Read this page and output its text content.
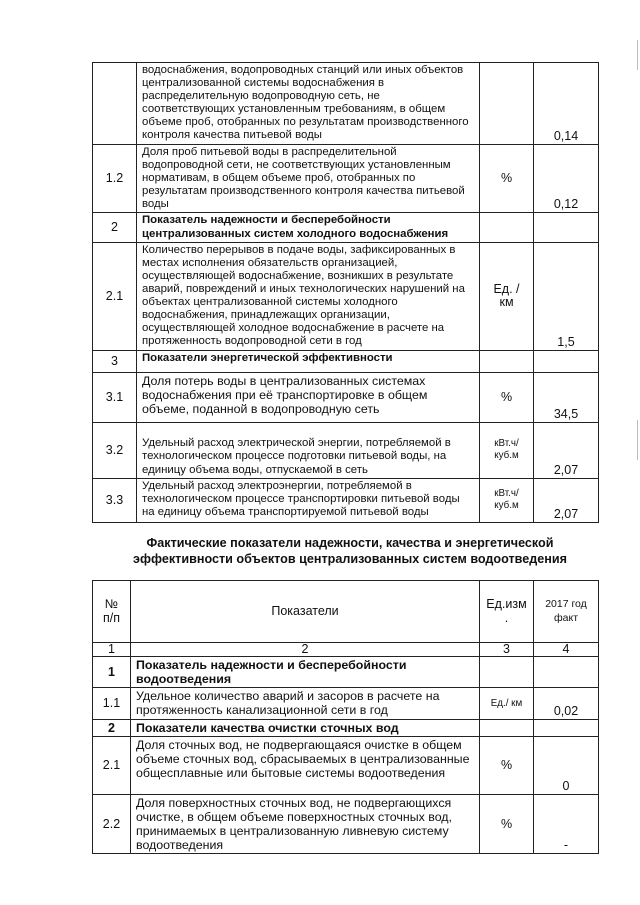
	водоснабжения, водопроводных станций или иных объектов централизованной системы водоснабжения в распределительную водопроводную сеть, не соответствующих установленным требованиям, в общем объеме проб, отобранных по результатам производственного контроля качества питьевой воды		0,14
1.2	Доля проб питьевой воды в распределительной водопроводной сети, не соответствующих установленным нормативам, в общем объеме проб, отобранных по результатам производственного контроля качества питьевой воды	%	0,12
2	Показатель надежности и бесперебойности централизованных систем холодного водоснабжения		
2.1	Количество перерывов в подаче воды, зафиксированных в местах исполнения обязательств организацией, осуществляющей водоснабжение, возникших в результате аварий, повреждений и иных технологических нарушений на объектах централизованной системы холодного водоснабжения, принадлежащих организации, осуществляющей холодное водоснабжение в расчете на протяженность водопроводной сети в год	Ед. / км	1,5
3	Показатели энергетической эффективности		
3.1	Доля потерь воды в централизованных системах водоснабжения при её транспортировке в общем объеме, поданной в водопроводную сеть	%	34,5
3.2	Удельный расход электрической энергии, потребляемой в технологическом процессе подготовки питьевой воды, на единицу объема воды, отпускаемой в сеть	кВт.ч/ куб.м	2,07
3.3	Удельный расход электроэнергии, потребляемой в технологическом процессе транспортировки питьевой воды на единицу объема транспортируемой питьевой воды	кВт.ч/ куб.м	2,07
Фактические показатели надежности, качества и энергетической
эффективности объектов централизованных систем водоотведения
№ п/п	Показатели	Ед.изм .	2017 год факт
1	2	3	4
1	Показатель надежности и бесперебойности водоотведения		
1.1	Удельное количество аварий и засоров в расчете на протяженность канализационной сети в год	Ед./ км	0,02
2	Показатели качества очистки сточных вод		
2.1	Доля сточных вод, не подвергающаяся очистке в общем объеме сточных вод, сбрасываемых в централизованные общесплавные или бытовые системы водоотведения	%	0
2.2	Доля поверхностных сточных вод, не подвергающихся очистке, в общем объеме поверхностных сточных вод, принимаемых в централизованную ливневую систему водоотведения	%	-
